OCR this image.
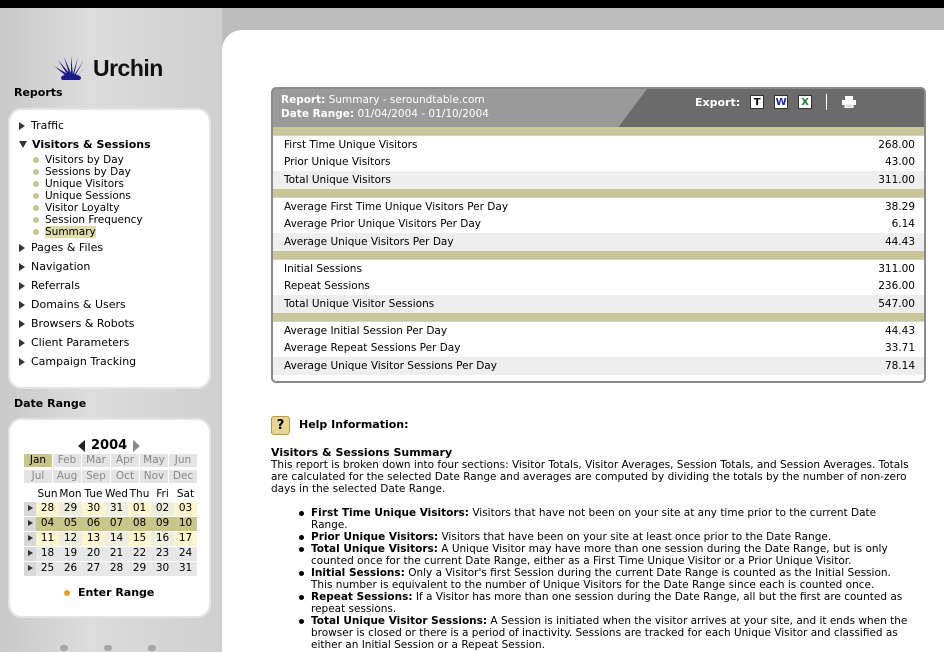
Urchin
Reports
Traffic
Visitors & Sessions
Visitors by Day
Sessions by Day
Unique Visitors
Unique Sessions
Visitor Loyalty
Session Frequency
Summary
Pages & Files
Navigation
Referrals
Domains & Users
Browsers & Robots
Client Parameters
Campaign Tracking
Date Range
2004
Jan	Feb Mar Apr May Jun
Jul	Aug Sep Oct Nov Dec
Sun Mon Tue Wed Thu Fri Sat
28 29 30 31 01 02 03
04 05 06 07 08 09 10
11 12 13 14 15 16 17
18 19 20 21 22 23 24
25 26 27 28 29 30 31
Enter Range
Report: Summary - seroundtable.com
Date Range: 01/04/2004 - 01/10/2004
Export:	T	W	X
First Time Unique Visitors	268.00
Prior Unique Visitors	43.00
Total Unique Visitors	311.00
Average First Time Unique Visitors Per Day	38.29
Average Prior Unique Visitors Per Day	6.14
Average Unique Visitors Per Day	44.43
Initial Sessions	311.00
Repeat Sessions	236.00
Total Unique Visitor Sessions	547.00
Average Initial Session Per Day	44.43
Average Repeat Sessions Per Day	33.71
Average Unique Visitor Sessions Per Day	78.14
?	Help Information:
Visitors & Sessions Summary

This report is broken down into four sections: Visitor Totals, Visitor Averages, Session Totals, and Session Averages. Totals are calculated for the selected Date Range and averages are computed by dividing the totals by the number of non-zero days in the selected Date Range.

First Time Unique Visitors: Visitors that have not been on your site at any time prior to the current Date Range.
Prior Unique Visitors: Visitors that have been on your site at least once prior to the Date Range.
Total Unique Visitors: A Unique Visitor may have more than one session during the Date Range, but is only counted once for the current Date Range, either as a First Time Unique Visitor or a Prior Unique Visitor.
Initial Sessions: Only a Visitor's first Session during the current Date Range is counted as the Initial Session. This number is equivalent to the number of Unique Visitors for the Date Range since each is counted once.
Repeat Sessions: If a Visitor has more than one session during the Date Range, all but the first are counted as repeat sessions.
Total Unique Visitor Sessions: A Session is initiated when the visitor arrives at your site, and it ends when the browser is closed or there is a period of inactivity. Sessions are tracked for each Unique Visitor and classified as either an Initial Session or a Repeat Session.
